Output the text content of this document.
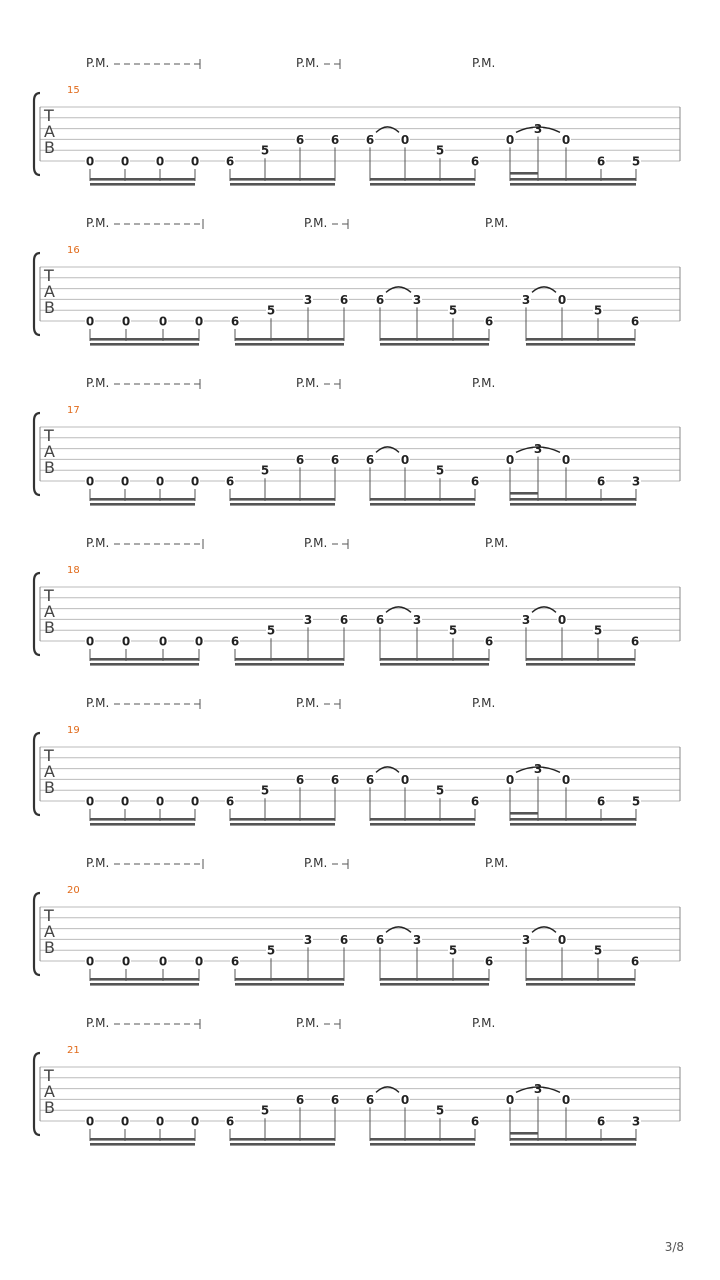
P.M.	P.M.	P.M.
15
T
A
B
0 0 0 0 6
5
6 6 6 0
5
6
0
3
0
6 5
P.M.	P.M.	P.M.
16
T
A
B
0 0 0 0 6
5
3 6 6 3
5
6
3 0
5
6
P.M.	P.M.	P.M.
17
T
A
B
0 0 0 0 6
5
6 6 6 0
5
6
0
3
0
6 3
P.M.	P.M.	P.M.
18
T
A
B
0 0 0 0 6
5
3 6 6 3
5
6
3 0
5
6
P.M.	P.M.	P.M.
19
T
A
B
0 0 0 0 6
5
6 6 6 0
5
6
0
3
0
6 5
P.M.	P.M.	P.M.
20
T
A
B
0 0 0 0 6
5
3 6 6 3
5
6
3 0
5
6
P.M.	P.M.	P.M.
21
T
A
B
0 0 0 0 6
5
6 6 6 0
5
6
0
3
0
6 3
3/8
